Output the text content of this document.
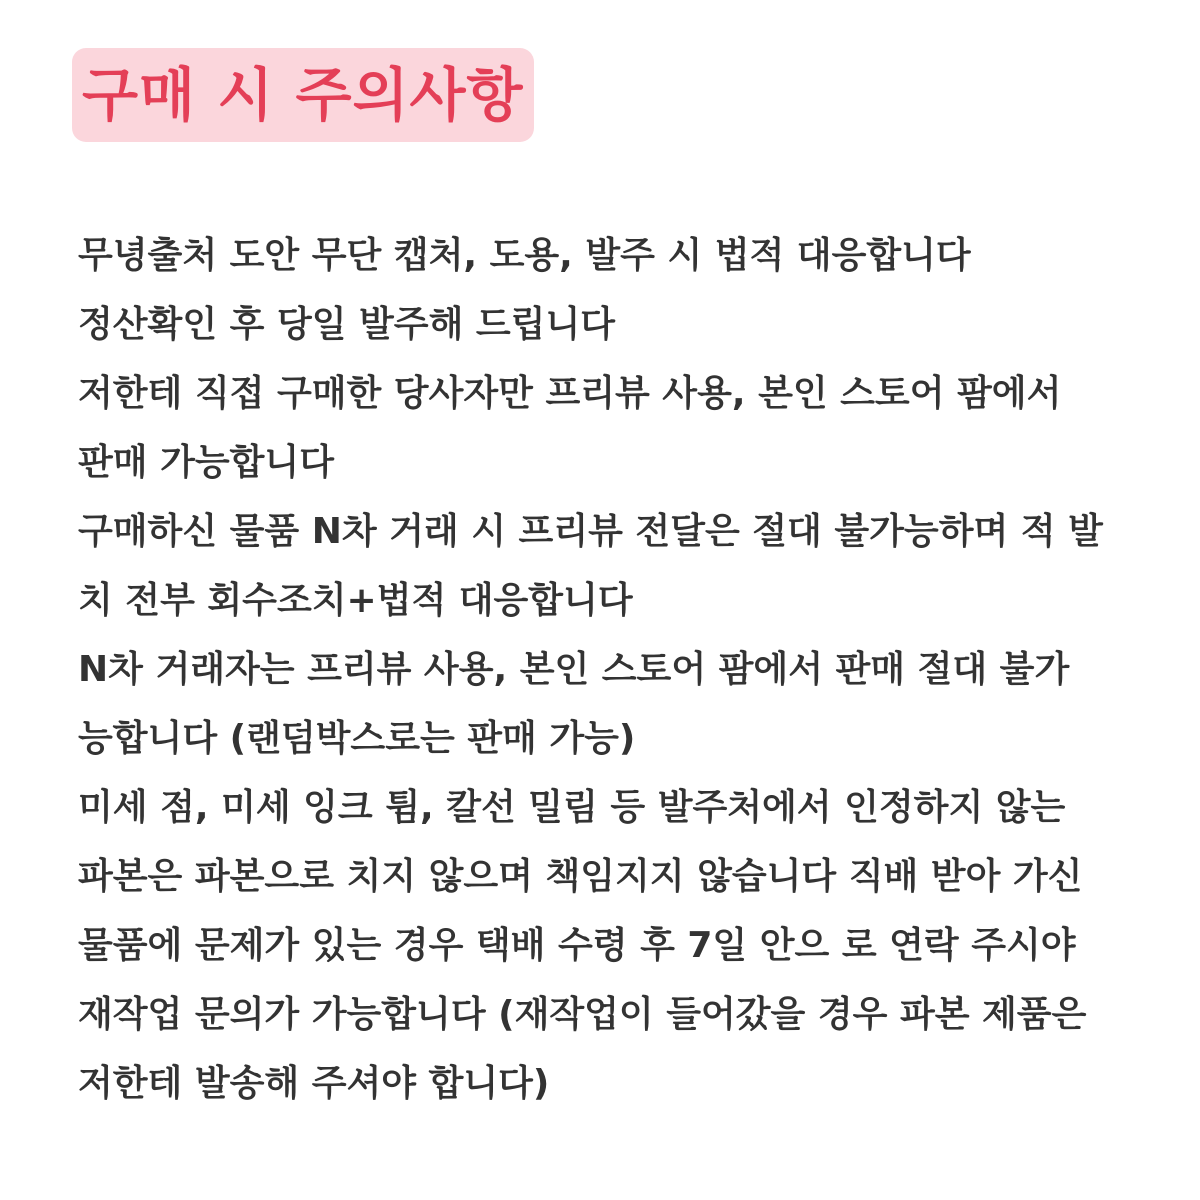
구매 시 주의사항
무녕출처 도안 무단 캡처, 도용, 발주 시 법적 대응합니다
정산확인 후 당일 발주해 드립니다
저한테 직접 구매한 당사자만 프리뷰 사용, 본인 스토어 팜에서
판매 가능합니다
구매하신 물품 N차 거래 시 프리뷰 전달은 절대 불가능하며 적 발
치 전부 회수조치+법적 대응합니다
N차 거래자는 프리뷰 사용, 본인 스토어 팜에서 판매 절대 불가
능합니다 (랜덤박스로는 판매 가능)
미세 점, 미세 잉크 튐, 칼선 밀림 등 발주처에서 인정하지 않는
파본은 파본으로 치지 않으며 책임지지 않습니다 직배 받아 가신
물품에 문제가 있는 경우 택배 수령 후 7일 안으 로 연락 주시야
재작업 문의가 가능합니다 (재작업이 들어갔을 경우 파본 제품은
저한테 발송해 주셔야 합니다)
